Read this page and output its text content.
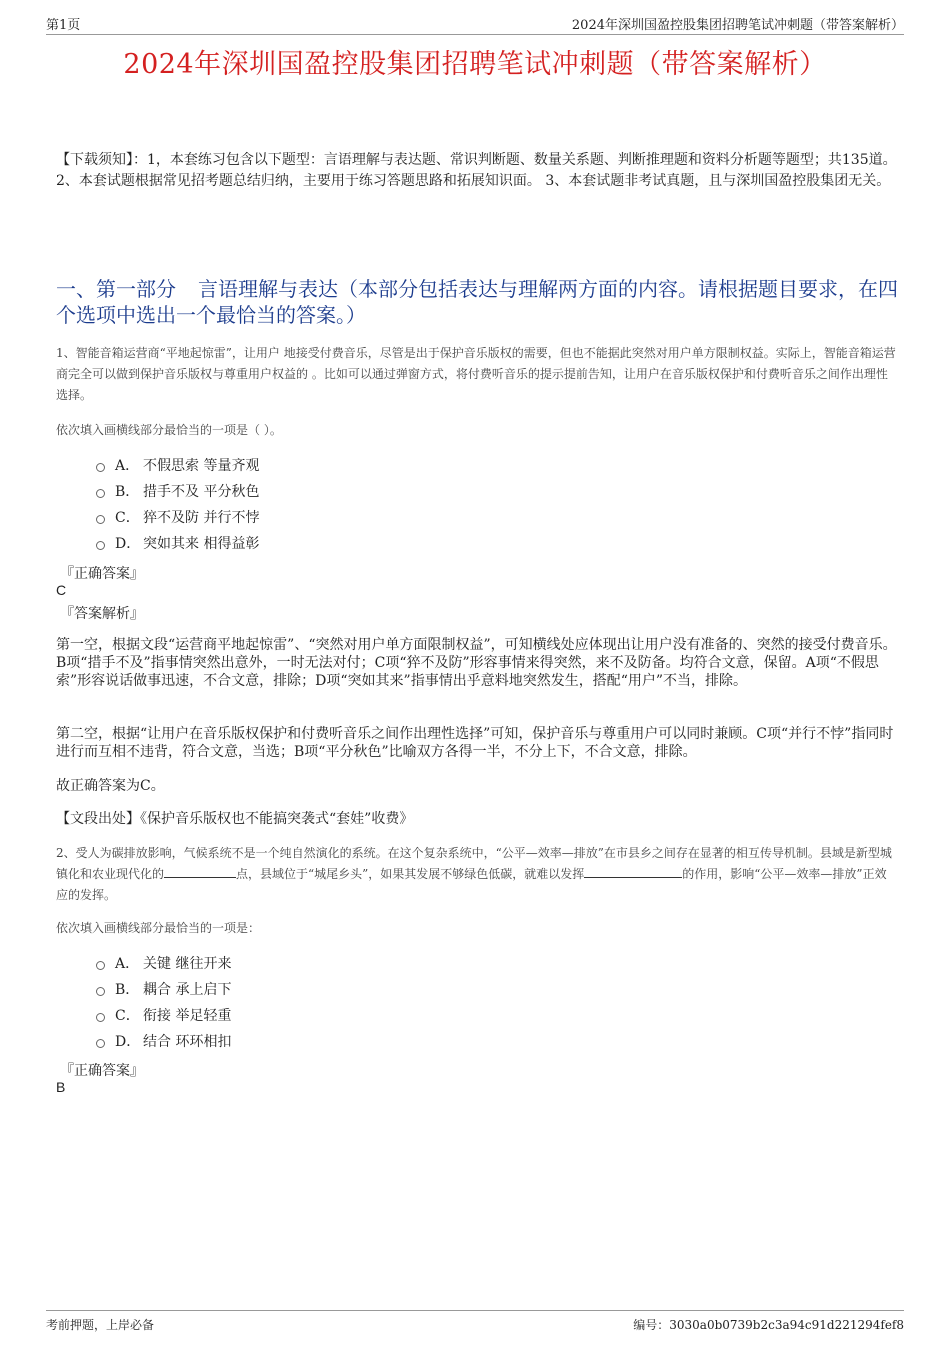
第1页	2024年深圳国盈控股集团招聘笔试冲刺题（带答案解析）
2024年深圳国盈控股集团招聘笔试冲刺题（带答案解析）
【下载须知】：1，本套练习包含以下题型：言语理解与表达题、常识判断题、数量关系题、判断推理题和资料分析题等题型；共135道。 2、本套试题根据常见招考题总结归纳，主要用于练习答题思路和拓展知识面。 3、本套试题非考试真题，且与深圳国盈控股集团无关。
一、第一部分 言语理解与表达（本部分包括表达与理解两方面的内容。请根据题目要求，在四个选项中选出一个最恰当的答案。）
1、智能音箱运营商“平地起惊雷”，让用户 地接受付费音乐，尽管是出于保护音乐版权的需要，但也不能据此突然对用户单方限制权益。实际上，智能音箱运营商完全可以做到保护音乐版权与尊重用户权益的 。比如可以通过弹窗方式，将付费听音乐的提示提前告知，让用户在音乐版权保护和付费听音乐之间作出理性选择。
依次填入画横线部分最恰当的一项是（ ）。
A． 不假思索 等量齐观
B． 措手不及 平分秋色
C． 猝不及防 并行不悖
D． 突如其来 相得益彰
『正确答案』
C
『答案解析』
第一空，根据文段“运营商平地起惊雷”、“突然对用户单方面限制权益”，可知横线处应体现出让用户没有准备的、突然的接受付费音乐。B项“措手不及”指事情突然出意外，一时无法对付；C项“猝不及防”形容事情来得突然，来不及防备。均符合文意，保留。A项“不假思索”形容说话做事迅速，不合文意，排除；D项“突如其来”指事情出乎意料地突然发生，搭配“用户”不当，排除。
第二空，根据“让用户在音乐版权保护和付费听音乐之间作出理性选择”可知，保护音乐与尊重用户可以同时兼顾。C项“并行不悖”指同时进行而互相不违背，符合文意，当选；B项“平分秋色”比喻双方各得一半，不分上下，不合文意，排除。
故正确答案为C。
【文段出处】《保护音乐版权也不能搞突袭式“套娃”收费》
2、受人为碳排放影响，气候系统不是一个纯自然演化的系统。在这个复杂系统中，“公平—效率—排放”在市县乡之间存在显著的相互传导机制。县域是新型城镇化和农业现代化的	点，县域位于“城尾乡头”，如果其发展不够绿色低碳，就难以发挥	的作用，影响“公平—效率—排放”正效应的发挥。
依次填入画横线部分最恰当的一项是：
A． 关键 继往开来
B． 耦合 承上启下
C． 衔接 举足轻重
D． 结合 环环相扣
『正确答案』
B
考前押题，上岸必备	编号：3030a0b0739b2c3a94c91d221294fef8
